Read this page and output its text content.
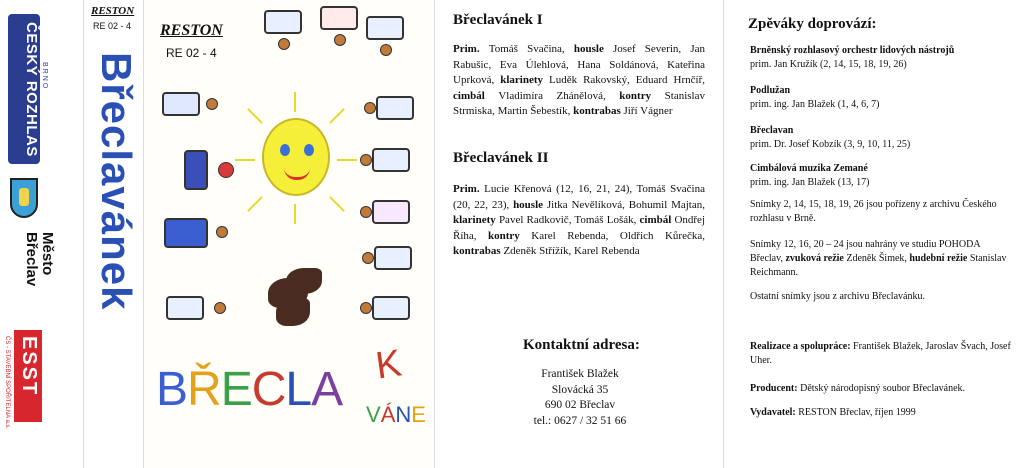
ČESKÝ ROZHLAS BRNO
Město
Břeclav
ESST
ČS - STAVEBNÍ SPOŘITELNA a.s.
RESTON
RE 02 - 4
Břeclavánek
RESTON
RE 02 - 4
BŘECLA VÁNE
K
Břeclavánek I
Prim. Tomáš Svačina, housle Josef Severin, Jan Rabušic, Eva Úlehlová, Hana Soldánová, Kateřina Uprková, klarinety Luděk Rakovský, Eduard Hrnčíř, cimbál Vladimíra Zhánělová, kontry Stanislav Strmiska, Martin Šebestík, kontrabas Jiří Vágner
Břeclavánek II
Prim. Lucie Křenová (12, 16, 21, 24), Tomáš Svačina (20, 22, 23), housle Jitka Nevělíková, Bohumil Majtan, klarinety Pavel Radkovič, Tomáš Lošák, cimbál Ondřej Říha, kontry Karel Rebenda, Oldřich Kůrečka, kontrabas Zdeněk Střížík, Karel Rebenda
Kontaktní adresa:
František Blažek
Slovácká 35
690 02 Břeclav
tel.: 0627 / 32 51 66
Zpěváky doprovází:
Brněnský rozhlasový orchestr lidových nástrojů
prim. Jan Kružík (2, 14, 15, 18, 19, 26)
Podlužan
prim. ing. Jan Blažek (1, 4, 6, 7)
Břeclavan
prim. Dr. Josef Kobzík (3, 9, 10, 11, 25)
Cimbálová muzika Zemané
prim. ing. Jan Blažek (13, 17)
Snímky 2, 14, 15, 18, 19, 26 jsou pořízeny z archivu Českého rozhlasu v Brně.
Snímky 12, 16, 20 – 24 jsou nahrány ve studiu POHODA Břeclav, zvuková režie Zdeněk Šimek, hudební režie Stanislav Reichmann.
Ostatní snímky jsou z archivu Břeclavánku.
Realizace a spolupráce: František Blažek, Jaroslav Švach, Josef Uher.
Producent: Dětský národopisný soubor Břeclavánek.
Vydavatel: RESTON Břeclav, říjen 1999
